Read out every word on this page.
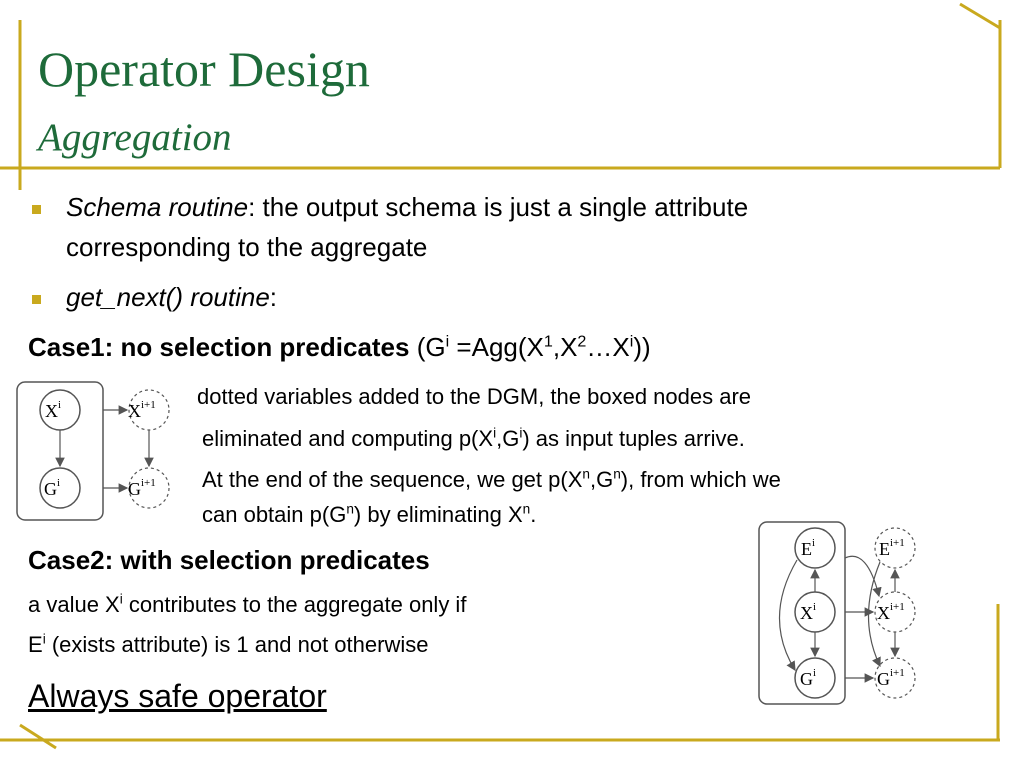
Operator Design
Aggregation
Schema routine: the output schema is just a single attribute
corresponding to the aggregate
get_next() routine:
Case1: no selection predicates ($G^i$ $=Agg(X^1,X^2\dots X^i)$)
dotted variables added to the DGM, the boxed nodes are
eliminated and computing $p(X^i,G^i)$ as input tuples arrive.
At the end of the sequence, we get $p(X^n,G^n)$, from which we
can obtain $p(G^n)$ by eliminating $X^n$.
Case2: with selection predicates
a value $X^i$ contributes to the aggregate only if
$E^i$ (exists attribute) is 1 and not otherwise
Always safe operator
$X^i$
$G^i$
$X^{i+1}$
$G^{i+1}$
$E^i$
$X^i$
$G^i$
$E^{i+1}$
$X^{i+1}$
$G^{i+1}$
